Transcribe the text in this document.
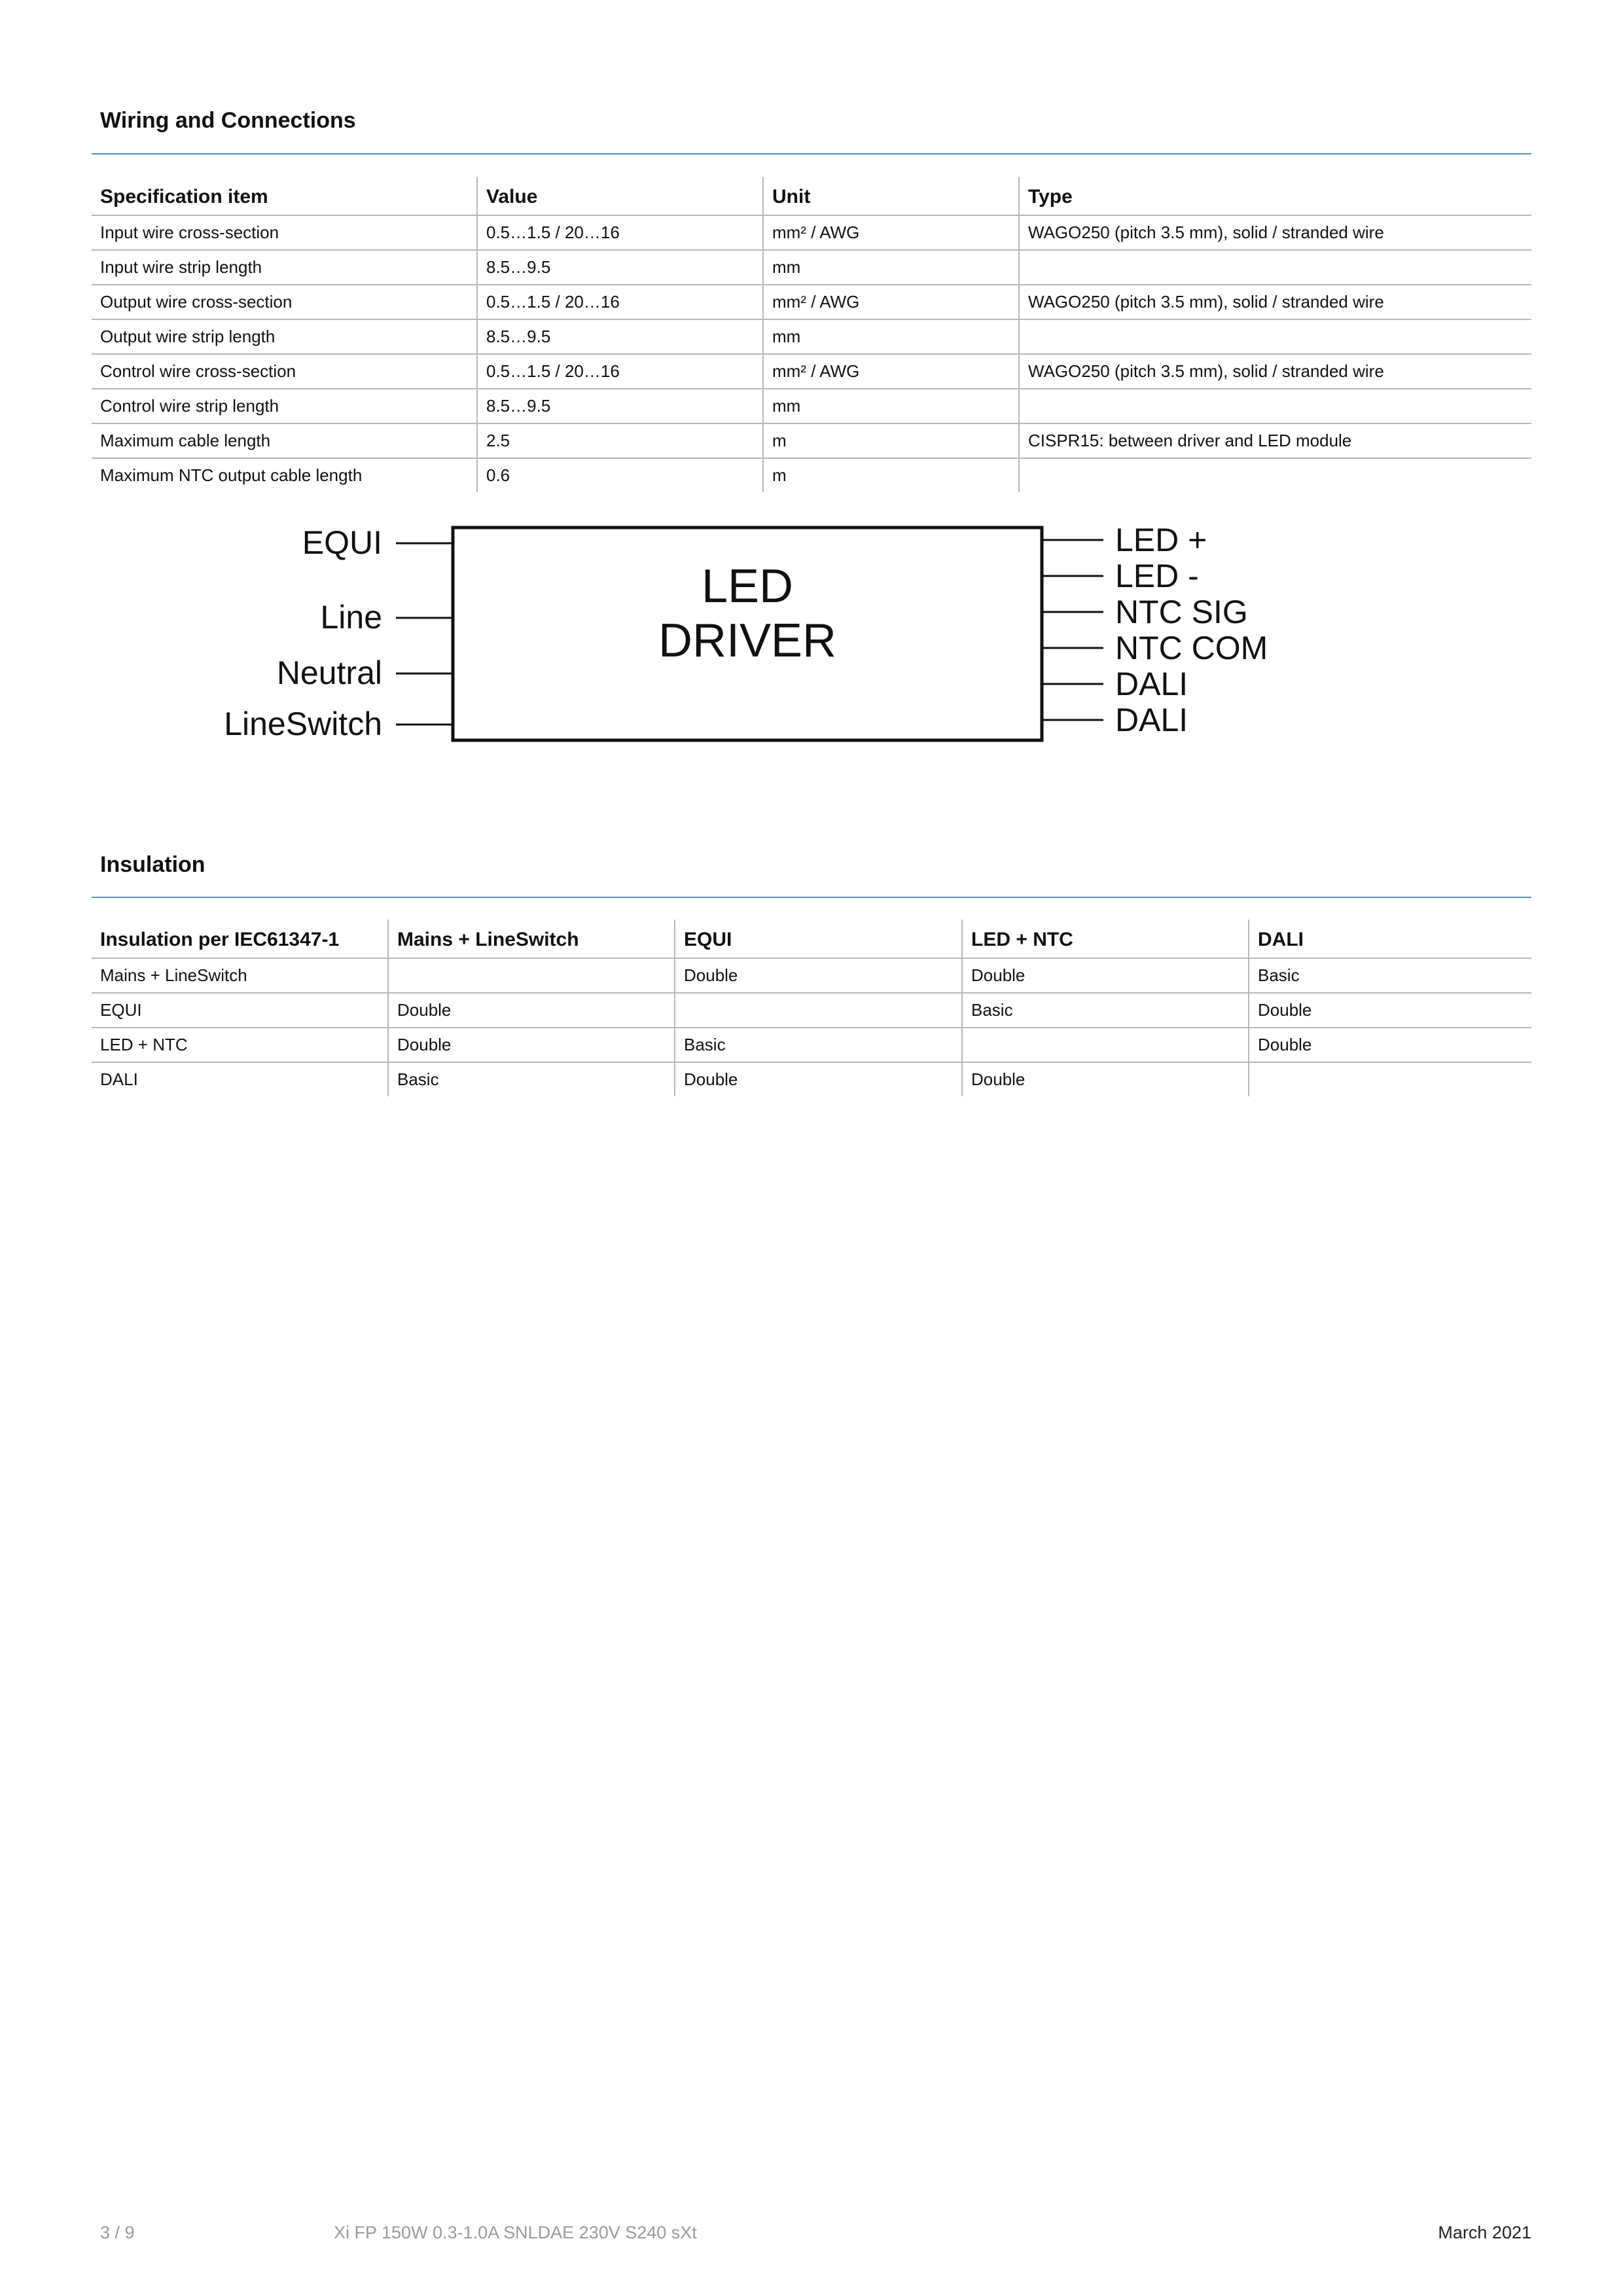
Wiring and Connections
Specification item	Value	Unit	Type
Input wire cross-section	0.5…1.5 / 20…16	mm² / AWG	WAGO250 (pitch 3.5 mm), solid / stranded wire
Input wire strip length	8.5…9.5	mm	
Output wire cross-section	0.5…1.5 / 20…16	mm² / AWG	WAGO250 (pitch 3.5 mm), solid / stranded wire
Output wire strip length	8.5…9.5	mm	
Control wire cross-section	0.5…1.5 / 20…16	mm² / AWG	WAGO250 (pitch 3.5 mm), solid / stranded wire
Control wire strip length	8.5…9.5	mm	
Maximum cable length	2.5	m	CISPR15: between driver and LED module
Maximum NTC output cable length	0.6	m	
LED
DRIVER
EQUI
Line
Neutral
LineSwitch
LED +
LED -
NTC SIG
NTC COM
DALI
DALI
Insulation
Insulation per IEC61347-1	Mains + LineSwitch	EQUI	LED + NTC	DALI
Mains + LineSwitch		Double	Double	Basic
EQUI	Double		Basic	Double
LED + NTC	Double	Basic		Double
DALI	Basic	Double	Double	
3 / 9	Xi FP 150W 0.3-1.0A SNLDAE 230V S240 sXt	March 2021
